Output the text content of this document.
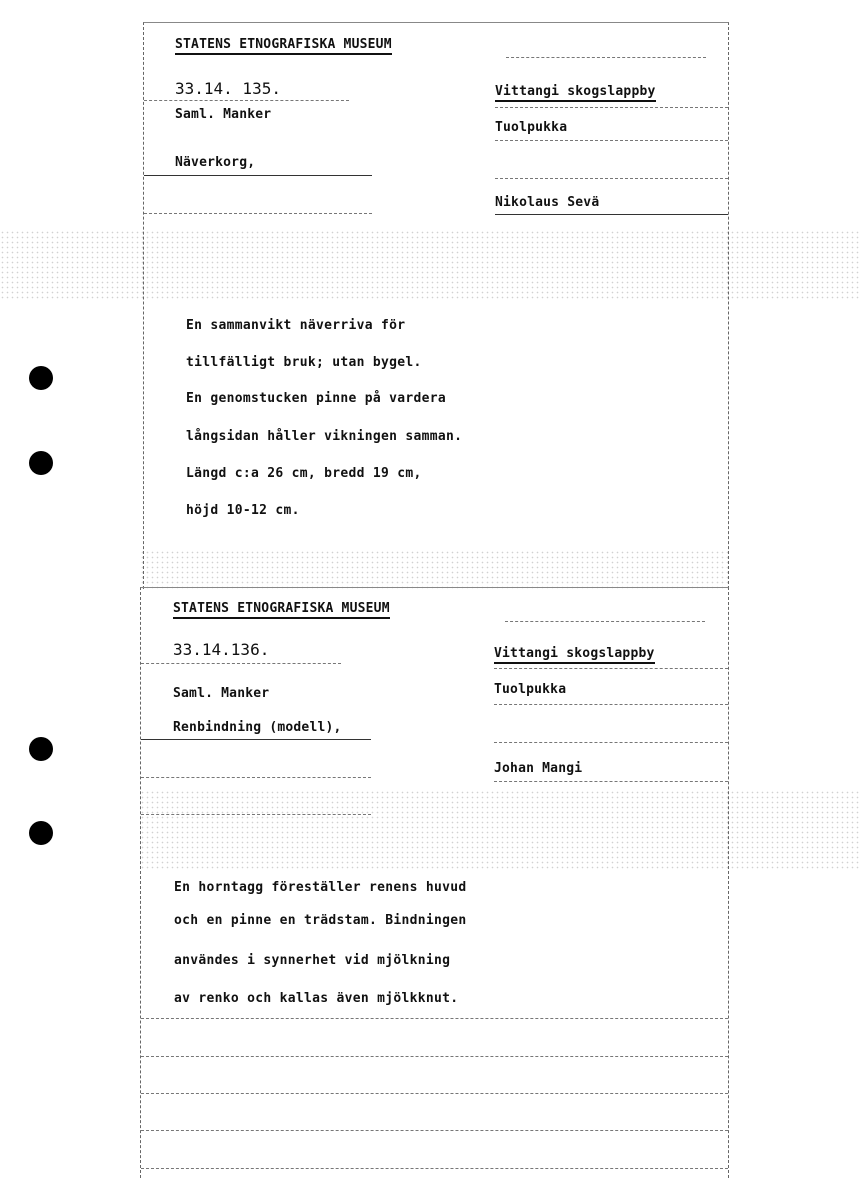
STATENS ETNOGRAFISKA MUSEUM
33.14. 135.
Saml. Manker
Vittangi skogslappby
Tuolpukka
Näverkorg,
Nikolaus Sevä
En sammanvikt näverriva för
tillfälligt bruk; utan bygel.
En genomstucken pinne på vardera
långsidan håller vikningen samman.
Längd c:a 26 cm, bredd 19 cm,
höjd 10-12 cm.
STATENS ETNOGRAFISKA MUSEUM
33.14.136.
Saml. Manker
Renbindning (modell),
Vittangi skogslappby
Tuolpukka
Johan Mangi
En horntagg föreställer renens huvud
och en pinne en trädstam. Bindningen
användes i synnerhet vid mjölkning
av renko och kallas även mjölkknut.
